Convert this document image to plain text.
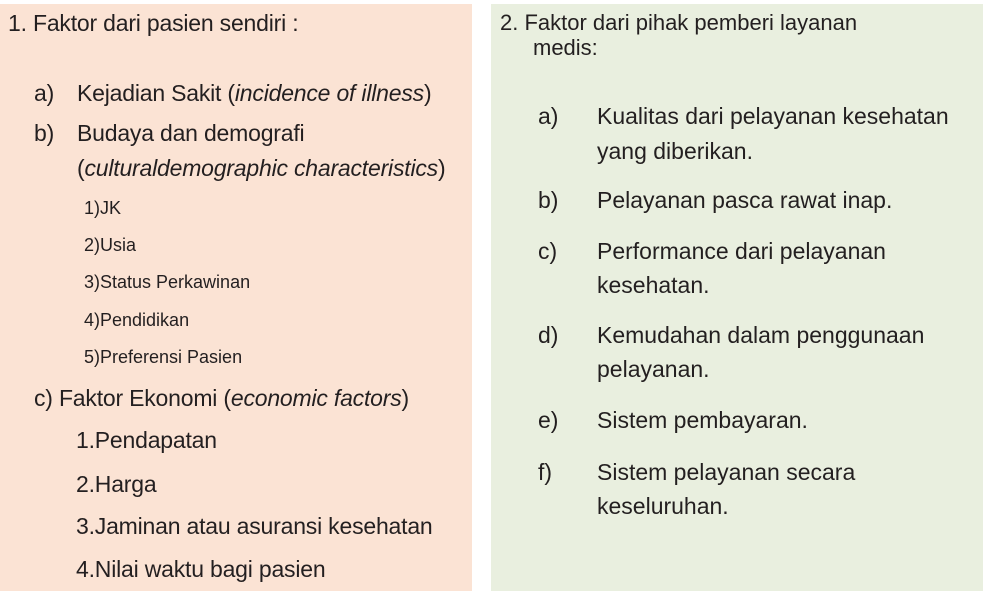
1. Faktor dari pasien sendiri :
a) Kejadian Sakit (incidence of illness)
b) Budaya dan demografi
(culturaldemographic characteristics)
1)JK
2)Usia
3)Status Perkawinan
4)Pendidikan
5)Preferensi Pasien
c) Faktor Ekonomi (economic factors)
1.Pendapatan
2.Harga
3.Jaminan atau asuransi kesehatan
4.Nilai waktu bagi pasien
2. Faktor dari pihak pemberi layanan
medis:
a) Kualitas dari pelayanan kesehatan
yang diberikan.
b) Pelayanan pasca rawat inap.
c) Performance dari pelayanan
kesehatan.
d) Kemudahan dalam penggunaan
pelayanan.
e) Sistem pembayaran.
f) Sistem pelayanan secara
keseluruhan.
